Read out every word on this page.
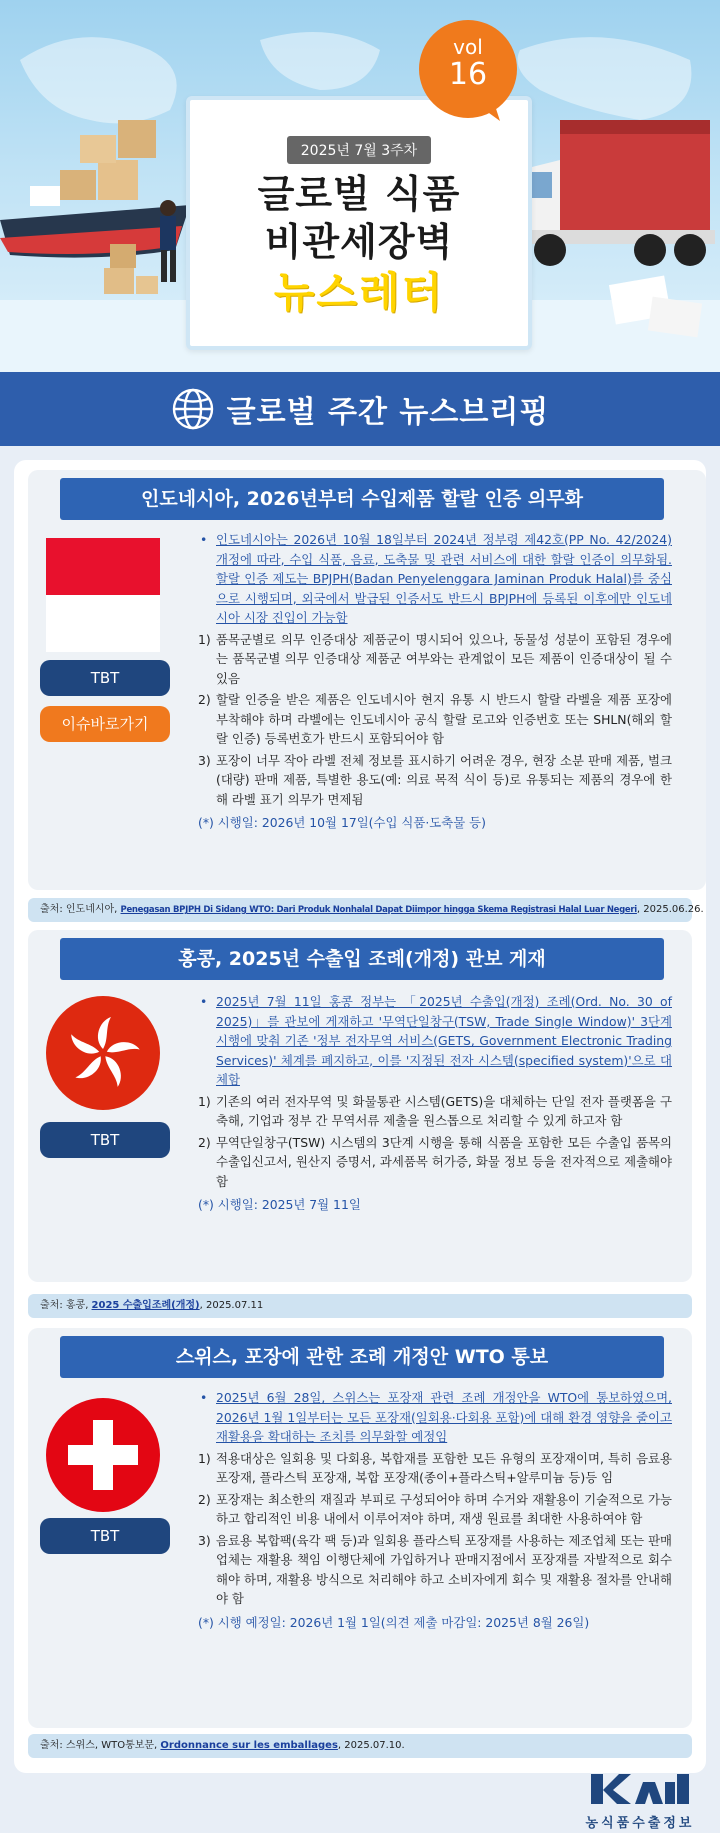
2025년 7월 3주차
글로벌 식품
비관세장벽
뉴스레터
vol
16
글로벌 주간 뉴스브리핑
인도네시아, 2026년부터 수입제품 할랄 인증 의무화
TBT
이슈바로가기
• 인도네시아는 2026년 10월 18일부터 2024년 정부령 제42호(PP No. 42/2024) 개정에 따라, 수입 식품, 음료, 도축물 및 관련 서비스에 대한 할랄 인증이 의무화됨. 할랄 인증 제도는 BPJPH(Badan Penyelenggara Jaminan Produk Halal)를 중심으로 시행되며, 외국에서 발급된 인증서도 반드시 BPJPH에 등록된 이후에만 인도네시아 시장 진입이 가능함
1) 품목군별로 의무 인증대상 제품군이 명시되어 있으나, 동물성 성분이 포함된 경우에는 품목군별 의무 인증대상 제품군 여부와는 관계없이 모든 제품이 인증대상이 될 수 있음
2) 할랄 인증을 받은 제품은 인도네시아 현지 유통 시 반드시 할랄 라벨을 제품 포장에 부착해야 하며 라벨에는 인도네시아 공식 할랄 로고와 인증번호 또는 SHLN(해외 할랄 인증) 등록번호가 반드시 포함되어야 함
3) 포장이 너무 작아 라벨 전체 정보를 표시하기 어려운 경우, 현장 소분 판매 제품, 벌크(대량) 판매 제품, 특별한 용도(예: 의료 목적 식이 등)로 유통되는 제품의 경우에 한해 라벨 표기 의무가 면제됨
(*) 시행일: 2026년 10월 17일(수입 식품·도축물 등)
출처: 인도네시아, Penegasan BPJPH Di Sidang WTO: Dari Produk Nonhalal Dapat Diimpor hingga Skema Registrasi Halal Luar Negeri, 2025.06.26.
홍콩, 2025년 수출입 조례(개정) 관보 게재
TBT
• 2025년 7월 11일 홍콩 정부는 「2025년 수출입(개정) 조례(Ord. No. 30 of 2025)」를 관보에 게재하고 '무역단일창구(TSW, Trade Single Window)' 3단계 시행에 맞춰 기존 '정부 전자무역 서비스(GETS, Government Electronic Trading Services)' 체계를 폐지하고, 이를 '지정된 전자 시스템(specified system)'으로 대체함
1) 기존의 여러 전자무역 및 화물통관 시스템(GETS)을 대체하는 단일 전자 플랫폼을 구축해, 기업과 정부 간 무역서류 제출을 원스톱으로 처리할 수 있게 하고자 함
2) 무역단일창구(TSW) 시스템의 3단계 시행을 통해 식품을 포함한 모든 수출입 품목의 수출입신고서, 원산지 증명서, 과세품목 허가증, 화물 정보 등을 전자적으로 제출해야 함
(*) 시행일: 2025년 7월 11일
출처: 홍콩, 2025 수출입조례(개정), 2025.07.11
스위스, 포장에 관한 조례 개정안 WTO 통보
TBT
• 2025년 6월 28일, 스위스는 포장재 관련 조례 개정안을 WTO에 통보하였으며, 2026년 1월 1일부터는 모든 포장재(일회용·다회용 포함)에 대해 환경 영향을 줄이고 재활용을 확대하는 조치를 의무화할 예정임
1) 적용대상은 일회용 및 다회용, 복합재를 포함한 모든 유형의 포장재이며, 특히 음료용 포장재, 플라스틱 포장재, 복합 포장재(종이+플라스틱+알루미늄 등)등 임
2) 포장재는 최소한의 재질과 부피로 구성되어야 하며 수거와 재활용이 기술적으로 가능하고 합리적인 비용 내에서 이루어져야 하며, 재생 원료를 최대한 사용하여야 함
3) 음료용 복합팩(육각 팩 등)과 일회용 플라스틱 포장재를 사용하는 제조업체 또는 판매업체는 재활용 책임 이행단체에 가입하거나 판매지점에서 포장재를 자발적으로 회수해야 하며, 재활용 방식으로 처리해야 하고 소비자에게 회수 및 재활용 절차를 안내해야 함
(*) 시행 예정일: 2026년 1월 1일(의견 제출 마감일: 2025년 8월 26일)
출처: 스위스, WTO통보문, Ordonnance sur les emballages, 2025.07.10.
농식품수출정보
